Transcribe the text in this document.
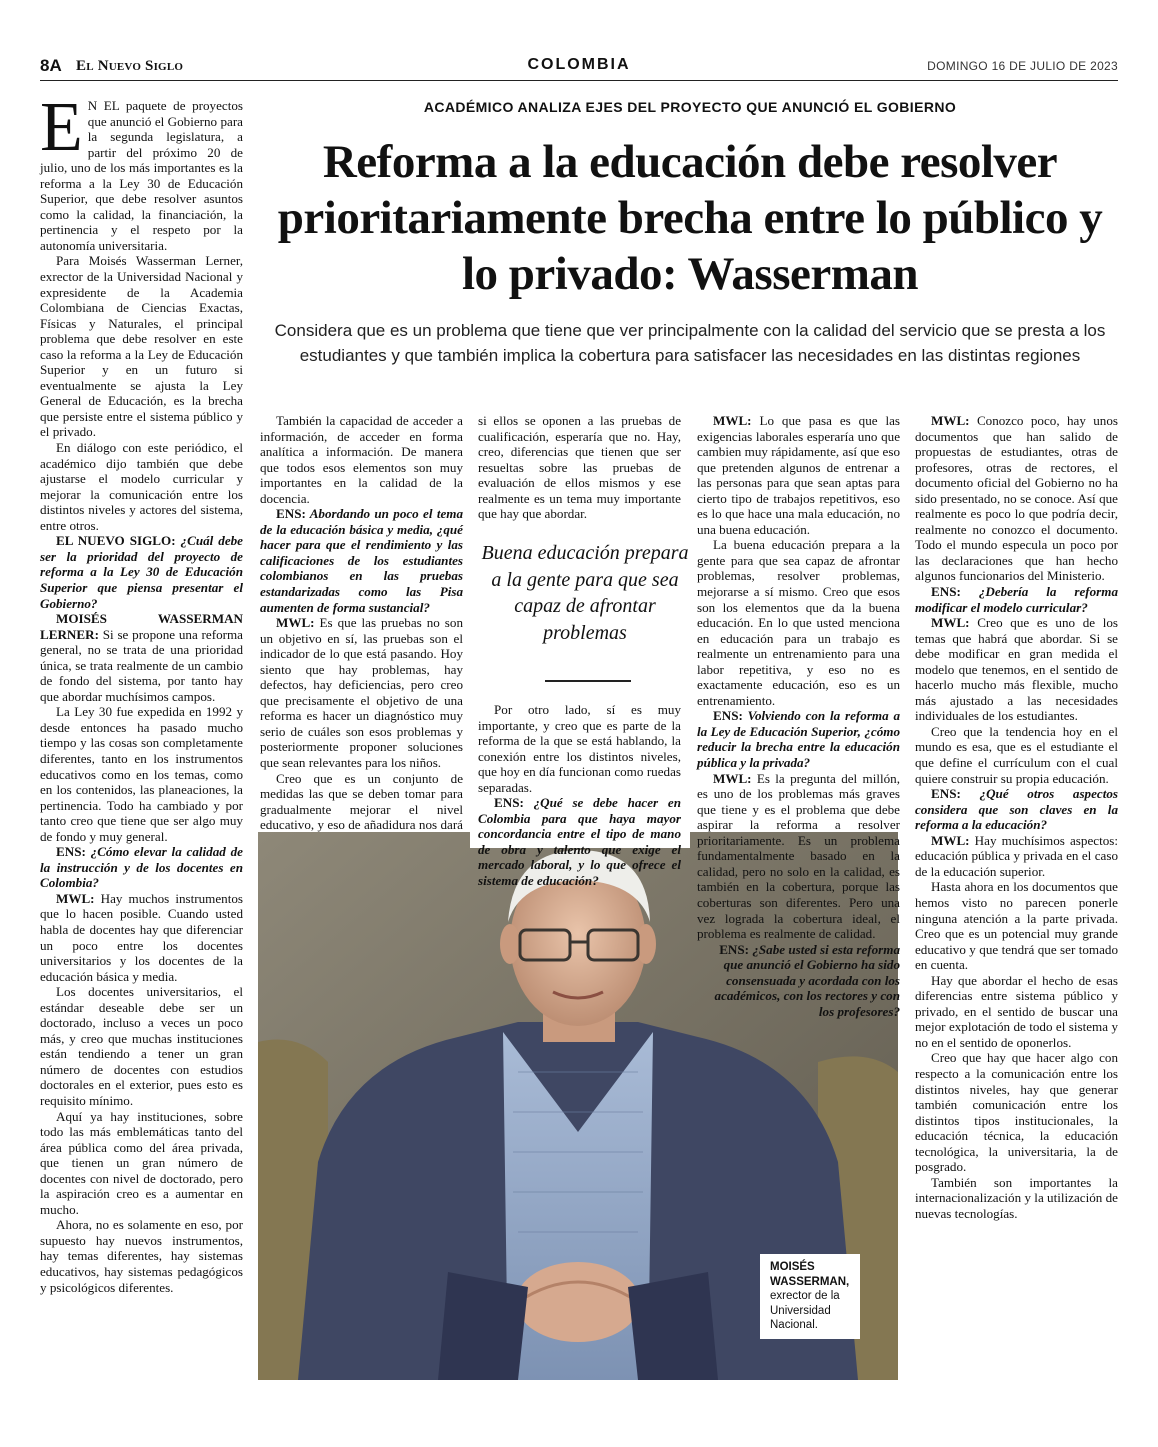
8A El Nuevo Siglo	COLOMBIA	DOMINGO 16 DE JULIO DE 2023
ACADÉMICO ANALIZA EJES DEL PROYECTO QUE ANUNCIÓ EL GOBIERNO
Reforma a la educación debe resolver prioritariamente brecha entre lo público y lo privado: Wasserman
Considera que es un problema que tiene que ver principalmente con la calidad del servicio que se presta a los estudiantes y que también implica la cobertura para satisfacer las necesidades en las distintas regiones

E N EL paquete de proyectos que anunció el Gobierno para la segunda legislatura, a partir del próximo 20 de julio, uno de los más importantes es la reforma a la Ley 30 de Educación Superior, que debe resolver asuntos como la calidad, la financiación, la pertinencia y el respeto por la autonomía universitaria.

Para Moisés Wasserman Lerner, exrector de la Universidad Nacional y expresidente de la Academia Colombiana de Ciencias Exactas, Físicas y Naturales, el principal problema que debe resolver en este caso la reforma a la Ley de Educación Superior y en un futuro si eventualmente se ajusta la Ley General de Educación, es la brecha que persiste entre el sistema público y el privado.

En diálogo con este periódico, el académico dijo también que debe ajustarse el modelo curricular y mejorar la comunicación entre los distintos niveles y actores del sistema, entre otros.

EL NUEVO SIGLO: ¿Cuál debe ser la prioridad del proyecto de reforma a la Ley 30 de Educación Superior que piensa presentar el Gobierno?

MOISÉS WASSERMAN LERNER: Si se propone una reforma general, no se trata de una prioridad única, se trata realmente de un cambio de fondo del sistema, por tanto hay que abordar muchísimos campos.

La Ley 30 fue expedida en 1992 y desde entonces ha pasado mucho tiempo y las cosas son completamente diferentes, tanto en los instrumentos educativos como en los temas, como en los contenidos, las planeaciones, la pertinencia. Todo ha cambiado y por tanto creo que tiene que ser algo muy de fondo y muy general.

ENS: ¿Cómo elevar la calidad de la instrucción y de los docentes en Colombia?

MWL: Hay muchos instrumentos que lo hacen posible. Cuando usted habla de docentes hay que diferenciar un poco entre los docentes universitarios y los docentes de la educación básica y media.

Los docentes universitarios, el estándar deseable debe ser un doctorado, incluso a veces un poco más, y creo que muchas instituciones están tendiendo a tener un gran número de docentes con estudios doctorales en el exterior, pues esto es requisito mínimo.

Aquí ya hay instituciones, sobre todo las más emblemáticas tanto del área pública como del área privada, que tienen un gran número de docentes con nivel de doctorado, pero la aspiración creo es a aumentar en mucho.

Ahora, no es solamente en eso, por supuesto hay nuevos instrumentos, hay temas diferentes, hay sistemas educativos, hay sistemas pedagógicos y psicológicos diferentes.

También la capacidad de acceder a información, de acceder en forma analítica a información. De manera que todos esos elementos son muy importantes en la calidad de la docencia.

ENS: Abordando un poco el tema de la educación básica y media, ¿qué hacer para que el rendimiento y las calificaciones de los estudiantes colombianos en las pruebas estandarizadas como las Pisa aumenten de forma sustancial?

MWL: Es que las pruebas no son un objetivo en sí, las pruebas son el indicador de lo que está pasando. Hoy siento que hay problemas, hay defectos, hay deficiencias, pero creo que precisamente el objetivo de una reforma es hacer un diagnóstico muy serio de cuáles son esos problemas y posteriormente proponer soluciones que sean relevantes para los niños.

Creo que es un conjunto de medidas las que se deben tomar para gradualmente mejorar el nivel educativo, y eso de añadidura nos dará

si ellos se oponen a las pruebas de cualificación, esperaría que no. Hay, creo, diferencias que tienen que ser resueltas sobre las pruebas de evaluación de ellos mismos y ese realmente es un tema muy importante que hay que abordar.

Buena educación prepara a la gente para que sea capaz de afrontar problemas

Por otro lado, sí es muy importante, y creo que es parte de la reforma de la que se está hablando, la conexión entre los distintos niveles, que hoy en día funcionan como ruedas separadas.

ENS: ¿Qué se debe hacer en Colombia para que haya mayor concordancia entre el tipo de mano de obra y talento que exige el mercado laboral, y lo que ofrece el sistema de educación?

MWL: Lo que pasa es que las exigencias laborales esperaría uno que cambien muy rápidamente, así que eso que pretenden algunos de entrenar a las personas para que sean aptas para cierto tipo de trabajos repetitivos, eso es lo que hace una mala educación, no una buena educación.

La buena educación prepara a la gente para que sea capaz de afrontar problemas, resolver problemas, mejorarse a sí mismo. Creo que esos son los elementos que da la buena educación. En lo que usted menciona en educación para un trabajo es realmente un entrenamiento para una labor repetitiva, y eso no es exactamente educación, eso es un entrenamiento.

ENS: Volviendo con la reforma a la Ley de Educación Superior, ¿cómo reducir la brecha entre la educación pública y la privada?

MWL: Es la pregunta del millón, es uno de los problemas más graves que tiene y es el problema que debe aspirar la reforma a resolver prioritariamente. Es un problema fundamentalmente basado en la calidad, pero no solo en la calidad, es también en la cobertura, porque las coberturas son diferentes. Pero una vez lograda la cobertura ideal, el problema es realmente de calidad.

ENS: ¿Sabe usted si esta reforma que anunció el Gobierno ha sido consensuada y acordada con los académicos, con los rectores y con los profesores?

MWL: Conozco poco, hay unos documentos que han salido de propuestas de estudiantes, otras de profesores, otras de rectores, el documento oficial del Gobierno no ha sido presentado, no se conoce. Así que realmente es poco lo que podría decir, realmente no conozco el documento. Todo el mundo especula un poco por las declaraciones que han hecho algunos funcionarios del Ministerio.

ENS: ¿Debería la reforma modificar el modelo curricular?

MWL: Creo que es uno de los temas que habrá que abordar. Si se debe modificar en gran medida el modelo que tenemos, en el sentido de hacerlo mucho más flexible, mucho más ajustado a las necesidades individuales de los estudiantes.

Creo que la tendencia hoy en el mundo es esa, que es el estudiante el que define el currículum con el cual quiere construir su propia educación.

ENS: ¿Qué otros aspectos considera que son claves en la reforma a la educación?

MWL: Hay muchísimos aspectos: educación pública y privada en el caso de la educación superior.

Hasta ahora en los documentos que hemos visto no parecen ponerle ninguna atención a la parte privada. Creo que es un potencial muy grande educativo y que tendrá que ser tomado en cuenta.

Hay que abordar el hecho de esas diferencias entre sistema público y privado, en el sentido de buscar una mejor explotación de todo el sistema y no en el sentido de oponerlos.

Creo que hay que hacer algo con respecto a la comunicación entre los distintos niveles, hay que generar también comunicación entre los distintos tipos institucionales, la educación técnica, la educación tecnológica, la universitaria, la de posgrado.

También son importantes la internacionalización y la utilización de nuevas tecnologías.

MOISÉS WASSERMAN,
exrector de la Universidad Nacional.
